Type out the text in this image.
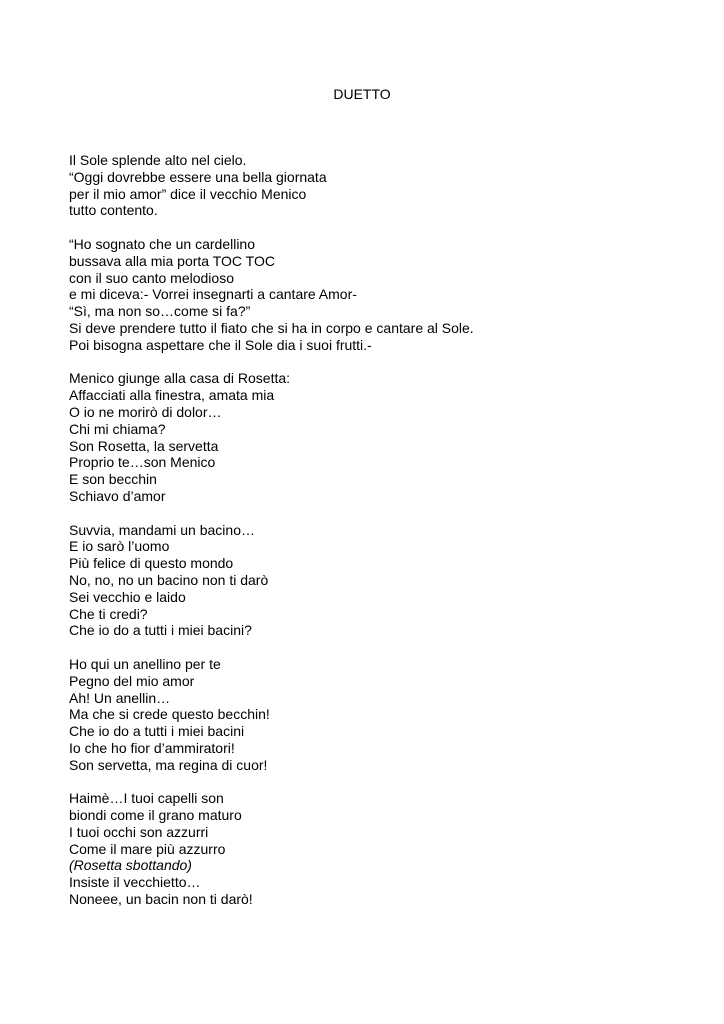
DUETTO
Il Sole splende alto nel cielo.
“Oggi dovrebbe essere una bella giornata
per il mio amor” dice il vecchio Menico
tutto contento.
“Ho sognato che un cardellino
bussava alla mia porta TOC TOC
con il suo canto melodioso
e mi diceva:- Vorrei insegnarti a cantare Amor-
“Sì, ma non so…come si fa?”
Si deve prendere tutto il fiato che si ha in corpo e cantare al Sole.
Poi bisogna aspettare che il Sole dia i suoi frutti.-
Menico giunge alla casa di Rosetta:
Affacciati alla finestra, amata mia
O io ne morirò di dolor…
Chi mi chiama?
Son Rosetta, la servetta
Proprio te…son Menico
E son becchin
Schiavo d’amor
Suvvia, mandami un bacino…
E io sarò l’uomo
Più felice di questo mondo
No, no, no un bacino non ti darò
Sei vecchio e laido
Che ti credi?
Che io do a tutti i miei bacini?
Ho qui un anellino per te
Pegno del mio amor
Ah! Un anellin…
Ma che si crede questo becchin!
Che io do a tutti i miei bacini
Io che ho fior d’ammiratori!
Son servetta, ma regina di cuor!
Haimè…I tuoi capelli son
biondi come il grano maturo
I tuoi occhi son azzurri
Come il mare più azzurro
(Rosetta sbottando)
Insiste il vecchietto…
Noneee, un bacin non ti darò!
